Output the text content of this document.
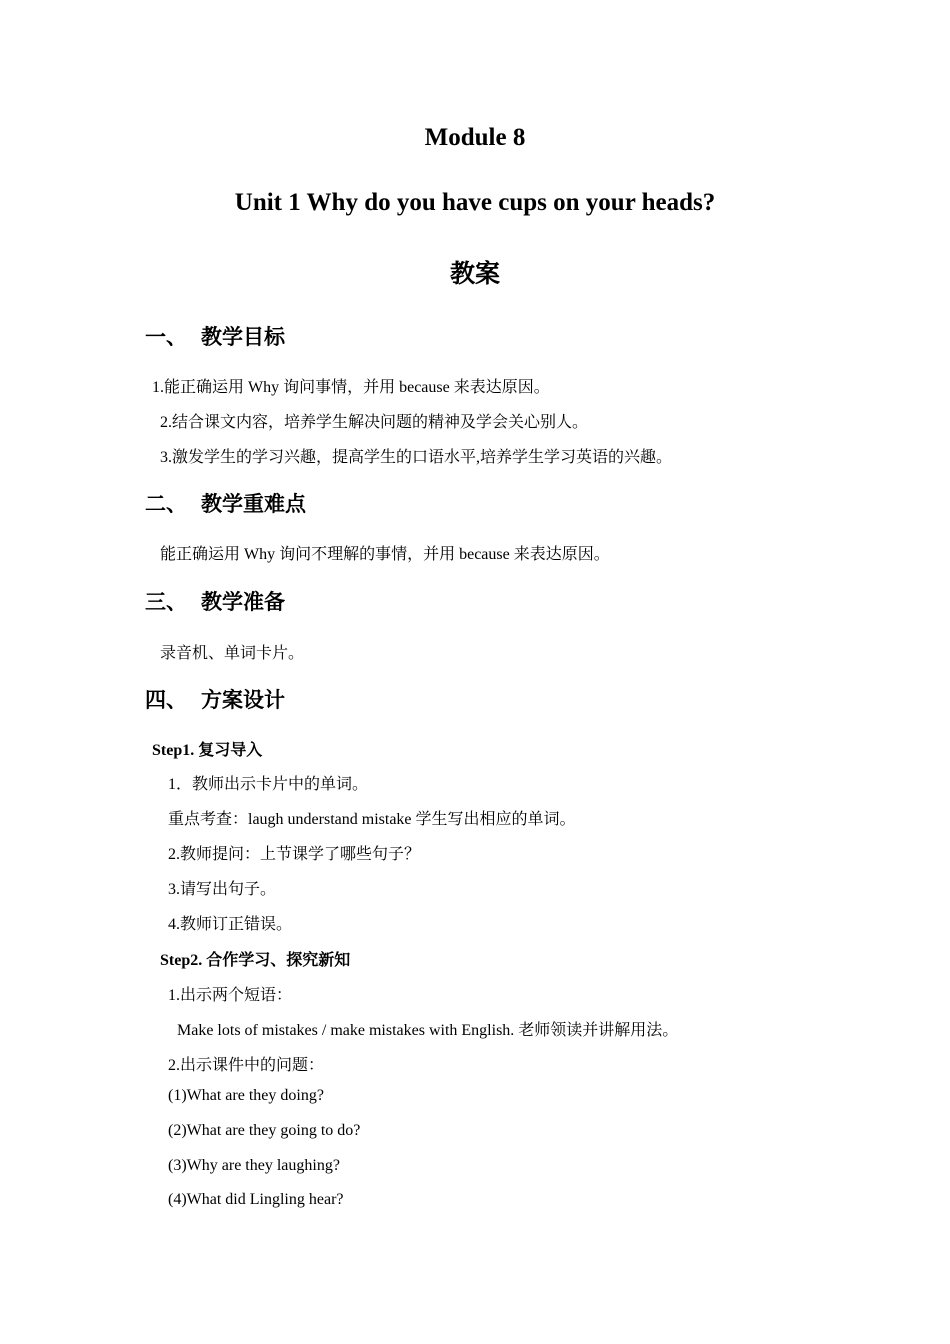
Module 8
Unit 1 Why do you have cups on your heads?
教案
一、 教学目标
1.能正确运用 Why 询问事情，并用 because 来表达原因。
2.结合课文内容，培养学生解决问题的精神及学会关心别人。
3.激发学生的学习兴趣，提高学生的口语水平,培养学生学习英语的兴趣。
二、 教学重难点
能正确运用 Why 询问不理解的事情，并用 because 来表达原因。
三、 教学准备
录音机、单词卡片。
四、 方案设计
Step1. 复习导入
1．教师出示卡片中的单词。
重点考查：laugh understand mistake 学生写出相应的单词。
2.教师提问：上节课学了哪些句子？
3.请写出句子。
4.教师订正错误。
Step2. 合作学习、探究新知
1.出示两个短语：
Make lots of mistakes / make mistakes with English. 老师领读并讲解用法。
2.出示课件中的问题：
(1)What are they doing?
(2)What are they going to do?
(3)Why are they laughing?
(4)What did Lingling hear?
